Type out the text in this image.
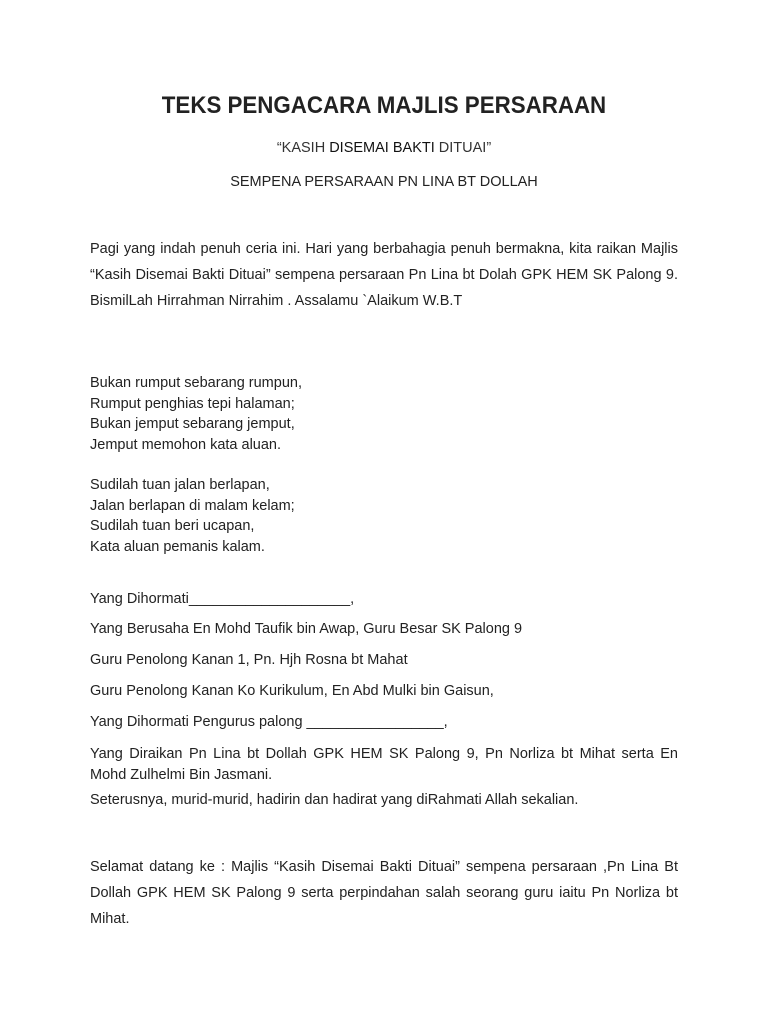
TEKS PENGACARA MAJLIS PERSARAAN
“KASIH DISEMAI BAKTI DITUAI”
SEMPENA PERSARAAN PN LINA BT DOLLAH
Pagi yang indah penuh ceria ini. Hari yang berbahagia penuh bermakna, kita raikan Majlis “Kasih Disemai Bakti Dituai” sempena persaraan Pn Lina bt Dolah GPK HEM SK Palong 9. BismilLah Hirrahman Nirrahim . Assalamu `Alaikum W.B.T
Bukan rumput sebarang rumpun,
Rumput penghias tepi halaman;
Bukan jemput sebarang jemput,
Jemput memohon kata aluan.
Sudilah tuan jalan berlapan,
Jalan berlapan di malam kelam;
Sudilah tuan beri ucapan,
Kata aluan pemanis kalam.
Yang Dihormati____________________,
Yang Berusaha En Mohd Taufik bin Awap, Guru Besar SK Palong 9
Guru Penolong Kanan 1, Pn. Hjh Rosna bt Mahat
Guru Penolong Kanan Ko Kurikulum, En Abd Mulki bin Gaisun,
Yang Dihormati Pengurus palong _________________,
Yang Diraikan Pn Lina bt Dollah GPK HEM SK Palong 9, Pn Norliza bt Mihat serta En Mohd Zulhelmi Bin Jasmani.
Seterusnya, murid-murid, hadirin dan hadirat yang diRahmati Allah sekalian.
Selamat datang ke : Majlis “Kasih Disemai Bakti Dituai” sempena persaraan ,Pn Lina Bt Dollah GPK HEM SK Palong 9 serta perpindahan salah seorang guru iaitu Pn Norliza bt Mihat.
